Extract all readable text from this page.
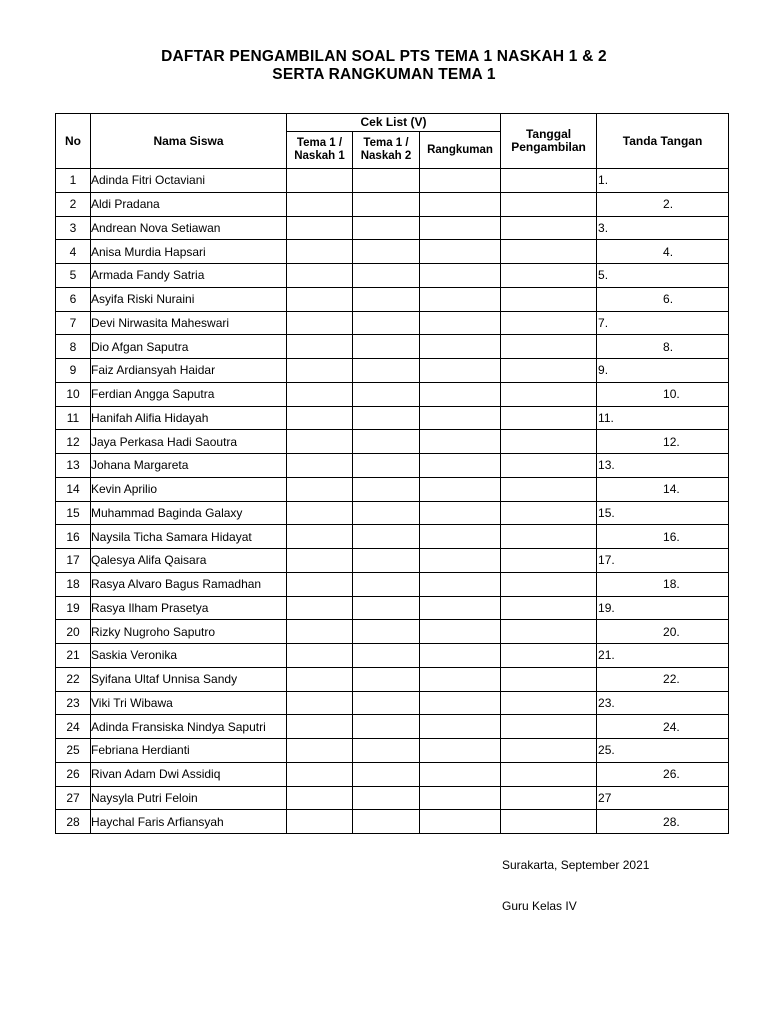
DAFTAR PENGAMBILAN SOAL PTS TEMA 1 NASKAH 1 & 2
SERTA RANGKUMAN TEMA 1
No	Nama Siswa	Cek List (V)			Tanggal Pengambilan	Tanda Tangan
		Tema 1 / Naskah 1	Tema 1 / Naskah 2	Rangkuman		
1	Adinda Fitri Octaviani					1.

2	Aldi Pradana					2.

3	Andrean Nova Setiawan					3.

4	Anisa Murdia Hapsari					4.

5	Armada Fandy Satria					5.

6	Asyifa Riski Nuraini					6.

7	Devi Nirwasita Maheswari					7.

8	Dio Afgan Saputra					8.

9	Faiz Ardiansyah Haidar					9.

10	Ferdian Angga Saputra					10.

11	Hanifah Alifia Hidayah					11.

12	Jaya Perkasa Hadi Saoutra					12.

13	Johana Margareta					13.

14	Kevin Aprilio					14.

15	Muhammad Baginda Galaxy					15.

16	Naysila Ticha Samara Hidayat					16.

17	Qalesya Alifa Qaisara					17.

18	Rasya Alvaro Bagus Ramadhan					18.

19	Rasya Ilham Prasetya					19.

20	Rizky Nugroho Saputro					20.

21	Saskia Veronika					21.

22	Syifana Ultaf Unnisa Sandy					22.

23	Viki Tri Wibawa					23.

24	Adinda Fransiska Nindya Saputri					24.

25	Febriana Herdianti					25.

26	Rivan Adam Dwi Assidiq					26.

27	Naysyla Putri Feloin					27

28	Haychal Faris Arfiansyah					28.
Surakarta, September 2021
Guru Kelas IV
